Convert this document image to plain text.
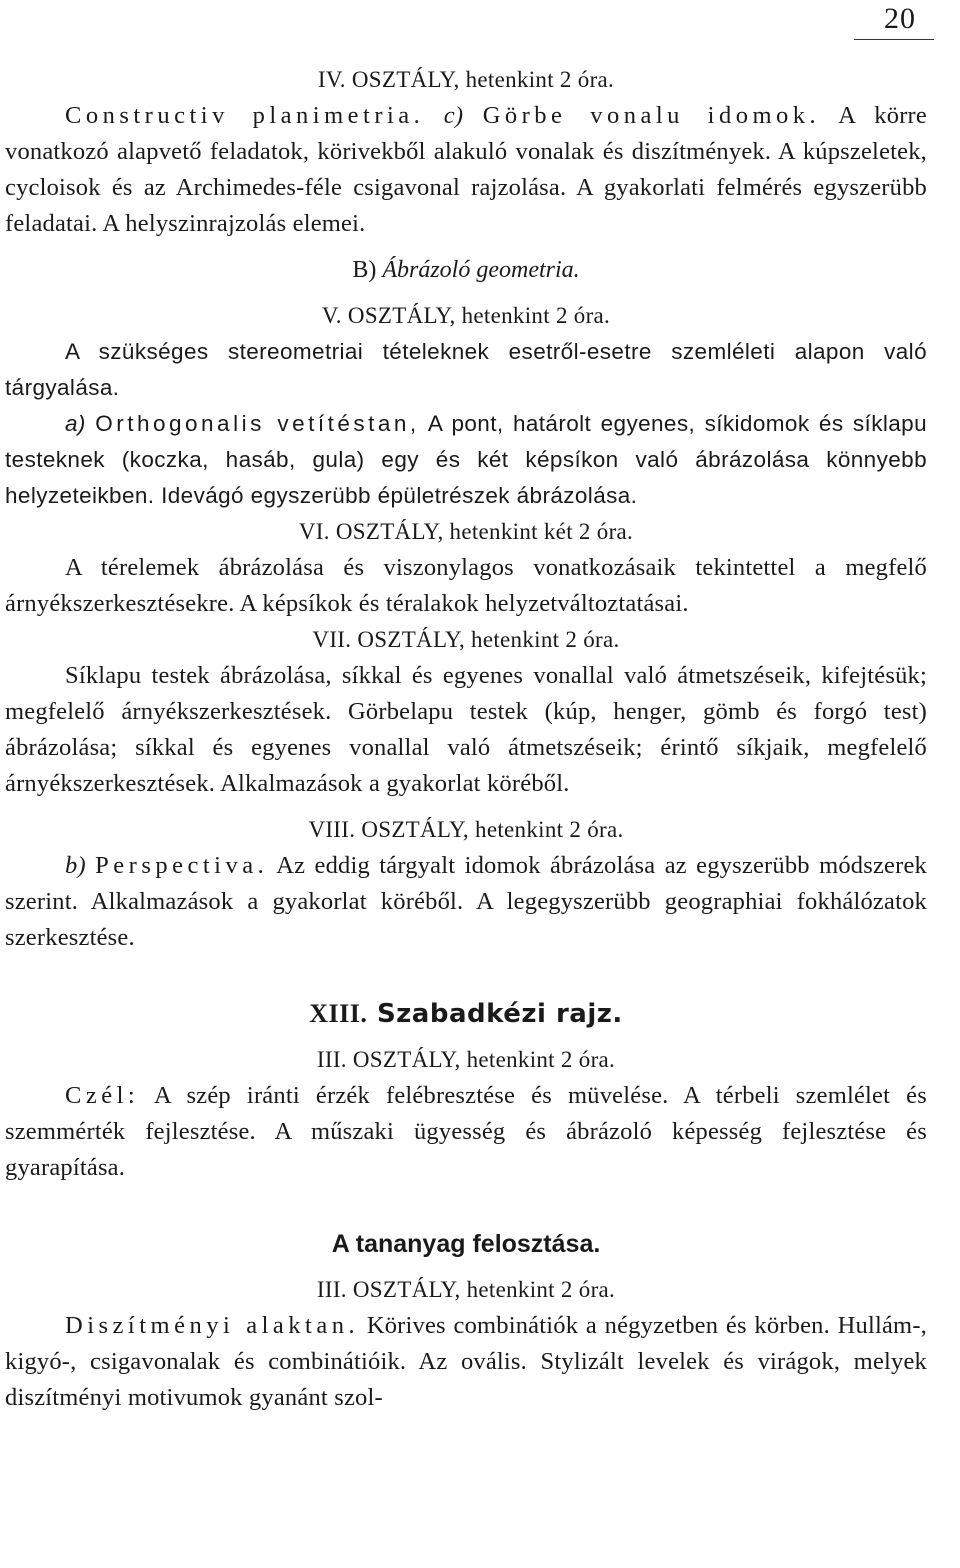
20
IV. OSZTÁLY, hetenkint 2 óra.

Constructiv planimetria. c) Görbe vonalu idomok. A körre vonatkozó alapvető feladatok, körivekből alakuló vonalak és diszítmények. A kúpszeletek, cycloisok és az Archimedes-féle csigavonal rajzolása. A gyakorlati felmérés egyszerübb feladatai. A helyszinrajzolás elemei.

B) Ábrázoló geometria.
V. OSZTÁLY, hetenkint 2 óra.

A szükséges stereometriai tételeknek esetről-esetre szemléleti alapon való tárgyalása.

a) Orthogonalis vetítéstan, A pont, határolt egyenes, síkidomok és síklapu testeknek (koczka, hasáb, gula) egy és két képsíkon való ábrázolása könnyebb helyzeteikben. Idevágó egyszerübb épületrészek ábrázolása.

VI. OSZTÁLY, hetenkint két 2 óra.

A térelemek ábrázolása és viszonylagos vonatkozásaik tekintettel a megfelő árnyékszerkesztésekre. A képsíkok és téralakok helyzetváltoztatásai.

VII. OSZTÁLY, hetenkint 2 óra.

Síklapu testek ábrázolása, síkkal és egyenes vonallal való átmetszéseik, kifejtésük; megfelelő árnyékszerkesztések. Görbelapu testek (kúp, henger, gömb és forgó test) ábrázolása; síkkal és egyenes vonallal való átmetszéseik; érintő síkjaik, megfelelő árnyékszerkesztések. Alkalmazások a gyakorlat köréből.

VIII. OSZTÁLY, hetenkint 2 óra.

b) Perspectiva. Az eddig tárgyalt idomok ábrázolása az egyszerübb módszerek szerint. Alkalmazások a gyakorlat köréből. A legegyszerübb geographiai fokhálózatok szerkesztése.

XIII. Szabadkézi rajz.
III. OSZTÁLY, hetenkint 2 óra.

Czél: A szép iránti érzék felébresztése és müvelése. A térbeli szemlélet és szemmérték fejlesztése. A műszaki ügyesség és ábrázoló képesség fejlesztése és gyarapítása.

A tananyag felosztása.
III. OSZTÁLY, hetenkint 2 óra.

Diszítményi alaktan. Körives combinátiók a négyzetben és körben. Hullám-, kigyó-, csigavonalak és combinátióik. Az ovális. Stylizált levelek és virágok, melyek diszítményi motivumok gyanánt szol-
